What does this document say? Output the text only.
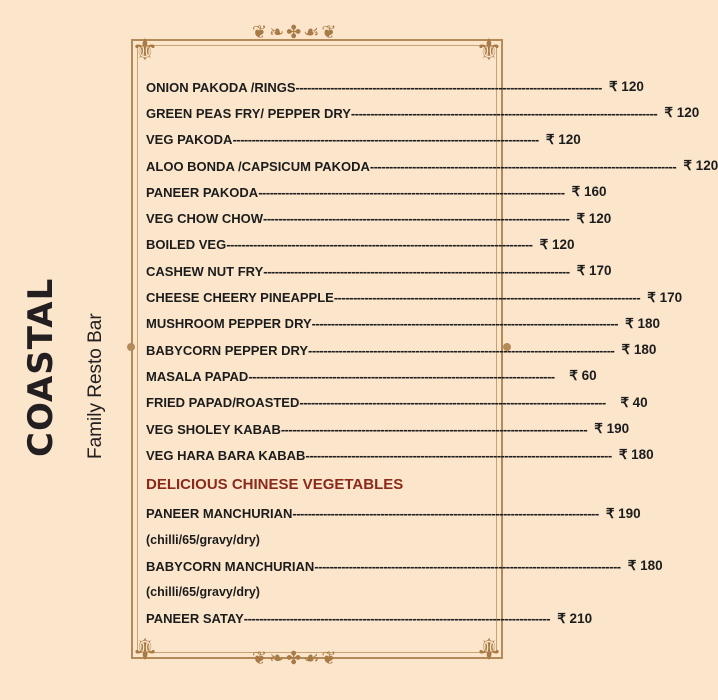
⚜	⚜
⚜	⚜
❦❧✤☙❦
❦❧✤☙❦
COASTAL Family Resto Bar
ONION PAKODA /RINGS -------------------------------------------------------------------------------- ₹ 120
GREEN PEAS FRY/ PEPPER DRY -------------------------------------------------------------------------------- ₹ 120
VEG PAKODA -------------------------------------------------------------------------------- ₹ 120
ALOO BONDA /CAPSICUM PAKODA -------------------------------------------------------------------------------- ₹ 120
PANEER PAKODA -------------------------------------------------------------------------------- ₹ 160
VEG CHOW CHOW -------------------------------------------------------------------------------- ₹ 120
BOILED VEG -------------------------------------------------------------------------------- ₹ 120
CASHEW NUT FRY -------------------------------------------------------------------------------- ₹ 170
CHEESE CHEERY PINEAPPLE -------------------------------------------------------------------------------- ₹ 170
MUSHROOM PEPPER DRY -------------------------------------------------------------------------------- ₹ 180
BABYCORN PEPPER DRY -------------------------------------------------------------------------------- ₹ 180
MASALA PAPAD --------------------------------------------------------------------------------	₹ 60
FRIED PAPAD/ROASTED --------------------------------------------------------------------------------	₹ 40
VEG SHOLEY KABAB -------------------------------------------------------------------------------- ₹ 190
VEG HARA BARA KABAB -------------------------------------------------------------------------------- ₹ 180
DELICIOUS CHINESE VEGETABLES
PANEER MANCHURIAN -------------------------------------------------------------------------------- ₹ 190
(chilli/65/gravy/dry)
BABYCORN MANCHURIAN -------------------------------------------------------------------------------- ₹ 180
(chilli/65/gravy/dry)
PANEER SATAY -------------------------------------------------------------------------------- ₹ 210
